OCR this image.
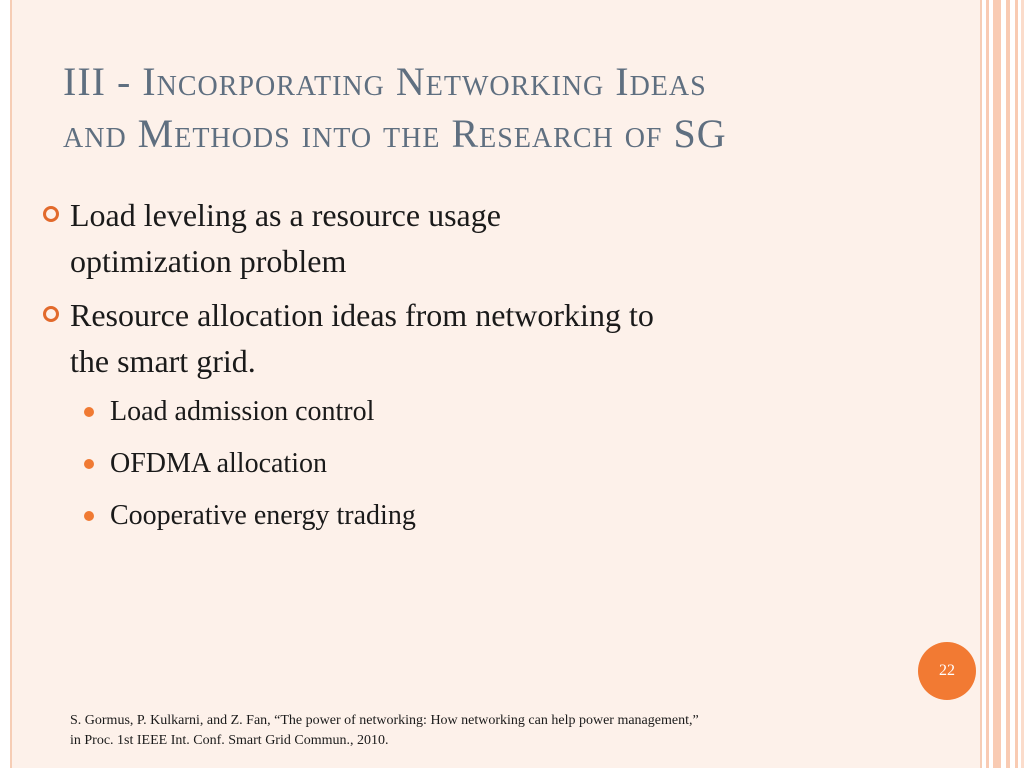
III - Incorporating Networking Ideas
and Methods into the Research of SG
Load leveling as a resource usage
optimization problem
Resource allocation ideas from networking to
the smart grid.
Load admission control
OFDMA allocation
Cooperative energy trading
22
S. Gormus, P. Kulkarni, and Z. Fan, “The power of networking: How networking can help power management,”
in Proc. 1st IEEE Int. Conf. Smart Grid Commun., 2010.
